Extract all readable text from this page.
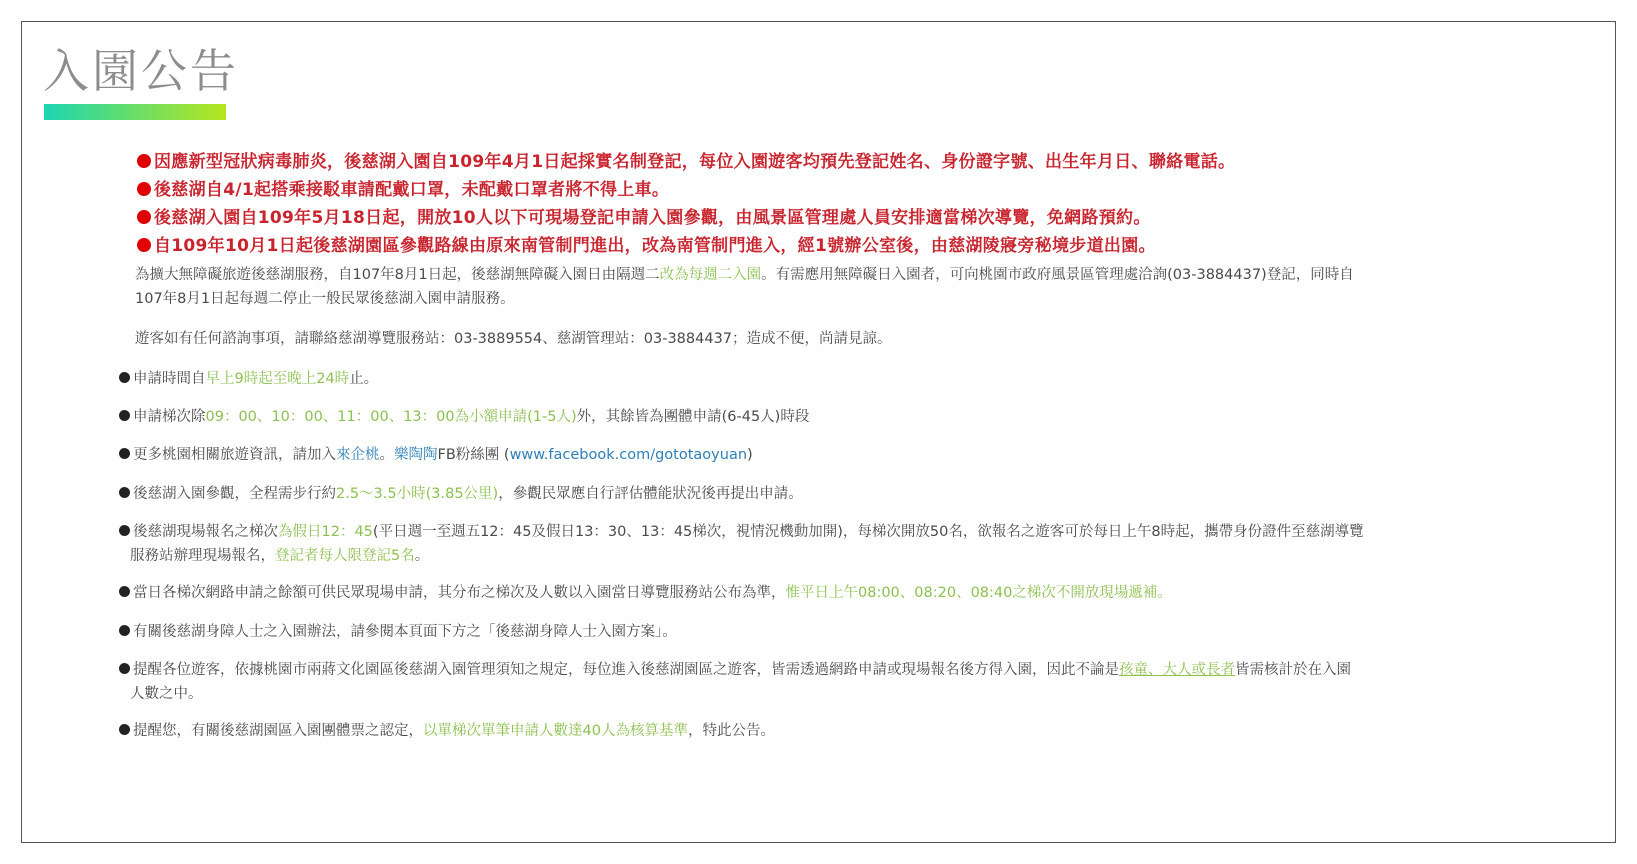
入園公告
因應新型冠狀病毒肺炎，後慈湖入園自109年4月1日起採實名制登記，每位入園遊客均預先登記姓名、身份證字號、出生年月日、聯絡電話。
後慈湖自4/1起搭乘接駁車請配戴口罩，未配戴口罩者將不得上車。
後慈湖入園自109年5月18日起，開放10人以下可現場登記申請入園參觀，由風景區管理處人員安排適當梯次導覽，免網路預約。
自109年10月1日起後慈湖園區參觀路線由原來南管制門進出，改為南管制門進入，經1號辦公室後，由慈湖陵寢旁秘境步道出園。
為擴大無障礙旅遊後慈湖服務，自107年8月1日起，後慈湖無障礙入園日由隔週二改為每週二入園。有需應用無障礙日入園者，可向桃園市政府風景區管理處洽詢(03-3884437)登記，同時自
107年8月1日起每週二停止一般民眾後慈湖入園申請服務。
遊客如有任何諮詢事項，請聯絡慈湖導覽服務站：03-3889554、慈湖管理站：03-3884437；造成不便，尚請見諒。
申請時間自早上9時起至晚上24時止。
申請梯次除09：00、10：00、11：00、13：00為小額申請(1-5人)外，其餘皆為團體申請(6-45人)時段
更多桃園相關旅遊資訊，請加入來企桃。樂陶陶FB粉絲團 (www.facebook.com/gototaoyuan)
後慈湖入園參觀，全程需步行約2.5～3.5小時(3.85公里)，參觀民眾應自行評估體能狀況後再提出申請。
後慈湖現場報名之梯次為假日12：45(平日週一至週五12：45及假日13：30、13：45梯次，視情況機動加開)，每梯次開放50名，欲報名之遊客可於每日上午8時起，攜帶身份證件至慈湖導覽
服務站辦理現場報名，登記者每人限登記5名。
當日各梯次網路申請之餘額可供民眾現場申請，其分布之梯次及人數以入園當日導覽服務站公布為準，惟平日上午08:00、08:20、08:40之梯次不開放現場遞補。
有關後慈湖身障人士之入園辦法，請參閱本頁面下方之「後慈湖身障人士入園方案」。
提醒各位遊客，依據桃園市兩蔣文化園區後慈湖入園管理須知之規定，每位進入後慈湖園區之遊客，皆需透過網路申請或現場報名後方得入園，因此不論是孩童、大人或長者皆需核計於在入園
人數之中。
提醒您，有關後慈湖園區入園團體票之認定，以單梯次單筆申請人數達40人為核算基準，特此公告。
